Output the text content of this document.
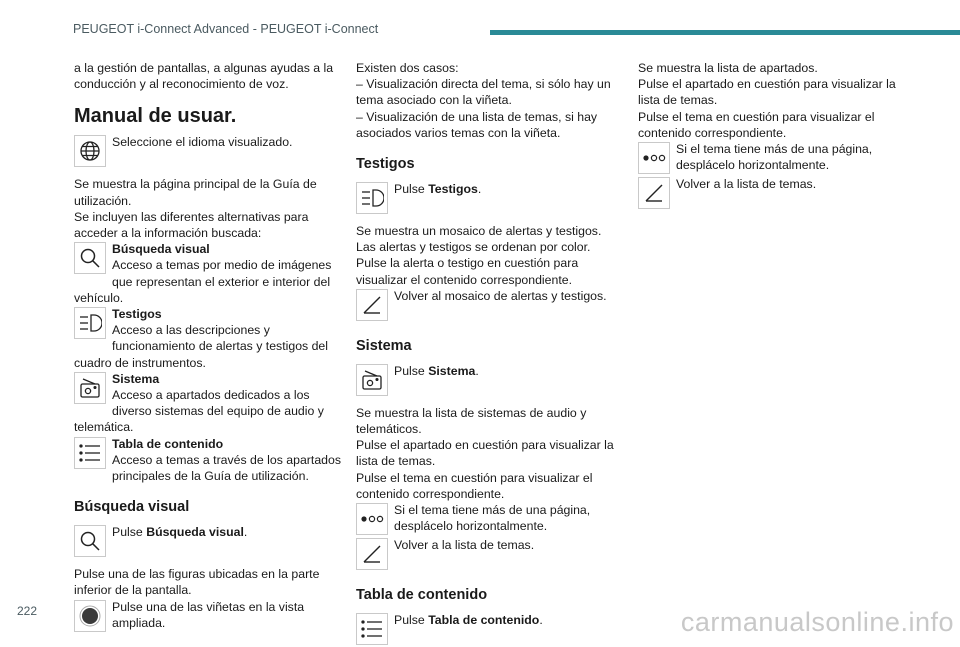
PEUGEOT i-Connect Advanced - PEUGEOT i-Connect

a la gestión de pantallas, a algunas ayudas a la conducción y al reconocimiento de voz.

Manual de usuar.
Seleccione el idioma visualizado.

Se muestra la página principal de la Guía de utilización.

Se incluyen las diferentes alternativas para acceder a la información buscada:

Búsqueda visual
Acceso a temas por medio de imágenes que representan el exterior e interior del vehículo.
Testigos
Acceso a las descripciones y funcionamiento de alertas y testigos del cuadro de instrumentos.
Sistema
Acceso a apartados dedicados a los diverso sistemas del equipo de audio y telemática.
Tabla de contenido
Acceso a temas a través de los apartados principales de la Guía de utilización.
Búsqueda visual
Pulse Búsqueda visual.

Pulse una de las figuras ubicadas en la parte inferior de la pantalla.

Pulse una de las viñetas en la vista ampliada.

Existen dos casos:

– Visualización directa del tema, si sólo hay un tema asociado con la viñeta.

– Visualización de una lista de temas, si hay asociados varios temas con la viñeta.

Testigos
Pulse Testigos.

Se muestra un mosaico de alertas y testigos. Las alertas y testigos se ordenan por color. Pulse la alerta o testigo en cuestión para visualizar el contenido correspondiente.

Volver al mosaico de alertas y testigos.
Sistema
Pulse Sistema.

Se muestra la lista de sistemas de audio y telemáticos.

Pulse el apartado en cuestión para visualizar la lista de temas.

Pulse el tema en cuestión para visualizar el contenido correspondiente.

Si el tema tiene más de una página, desplácelo horizontalmente.
Volver a la lista de temas.
Tabla de contenido
Pulse Tabla de contenido.

Se muestra la lista de apartados.

Pulse el apartado en cuestión para visualizar la lista de temas.

Pulse el tema en cuestión para visualizar el contenido correspondiente.

Si el tema tiene más de una página, desplácelo horizontalmente.
Volver a la lista de temas.
222	carmanualsonline.info
